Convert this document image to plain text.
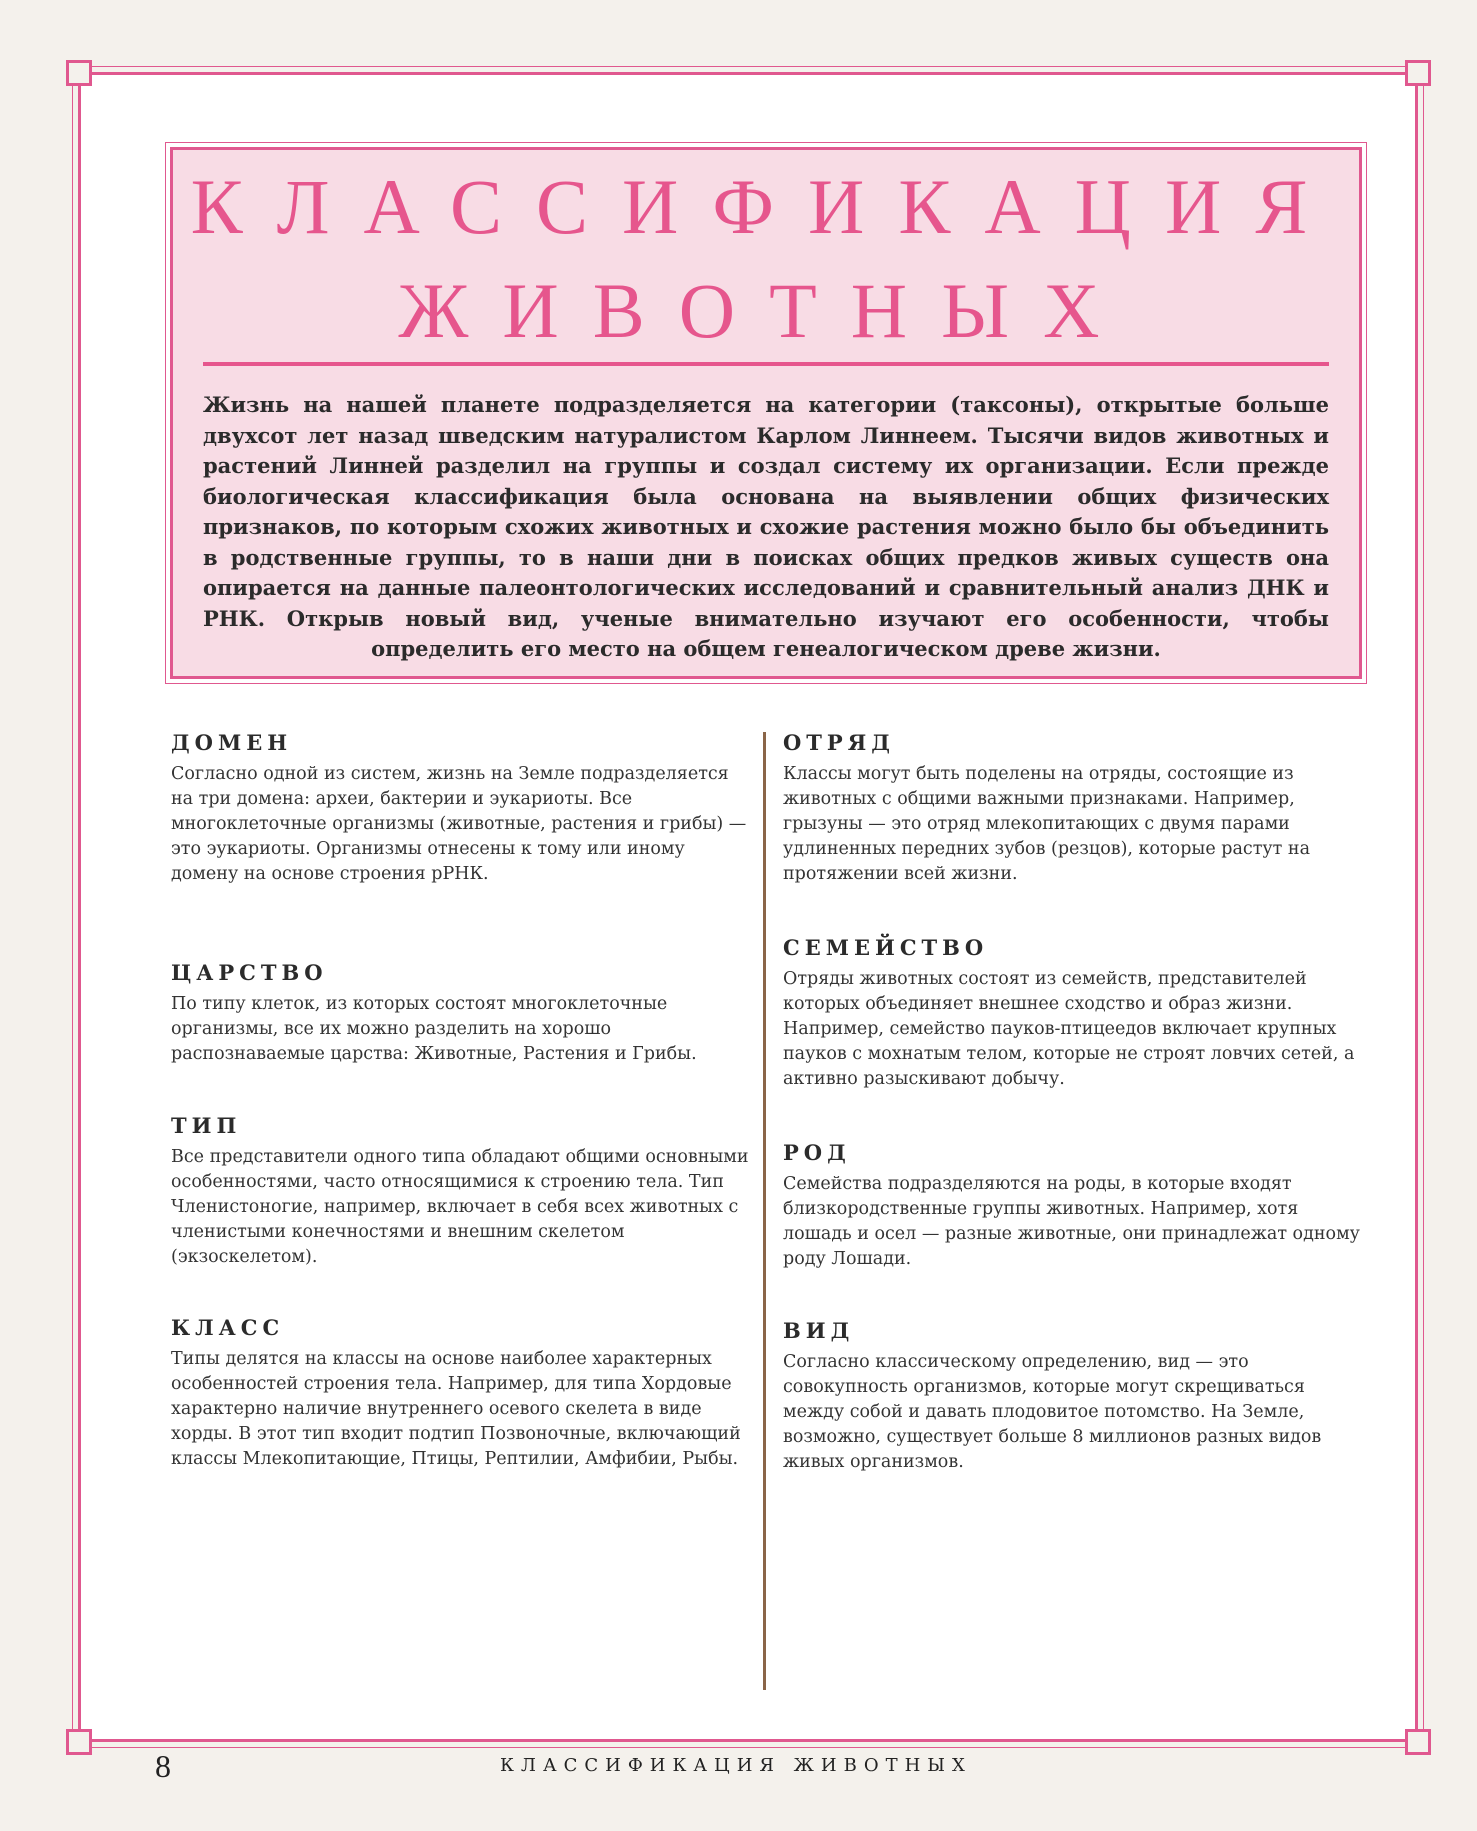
КЛАССИФИКАЦИЯ
ЖИВОТНЫХ

Жизнь на нашей планете подразделяется на категории (таксоны), открытые больше двухсот лет назад шведским натуралистом Карлом Линнеем. Тысячи видов животных и растений Линней разделил на группы и создал систему их организации. Если прежде биологическая классификация была основана на выявлении общих физических признаков, по которым схожих животных и схожие растения можно было бы объединить в родственные группы, то в наши дни в поисках общих предков живых существ она опирается на данные палеонтологических исследований и сравнительный анализ ДНК и РНК. Открыв новый вид, ученые внимательно изучают его особенности, чтобы определить его место на общем генеалогическом древе жизни.

ДОМЕН

Согласно одной из систем, жизнь на Земле подразделяется на три домена: археи, бактерии и эукариоты. Все многоклеточные организмы (животные, растения и грибы) — это эукариоты. Организмы отнесены к тому или иному домену на основе строения рРНК.

ЦАРСТВО

По типу клеток, из которых состоят многоклеточные организмы, все их можно разделить на хорошо распознаваемые царства: Животные, Растения и Грибы.

ТИП

Все представители одного типа обладают общими основными особенностями, часто относящимися к строению тела. Тип Членистоногие, например, включает в себя всех животных с членистыми конечностями и внешним скелетом (экзоскелетом).

КЛАСС

Типы делятся на классы на основе наиболее характерных особенностей строения тела. Например, для типа Хордовые характерно наличие внутреннего осевого скелета в виде хорды. В этот тип входит подтип Позвоночные, включающий классы Млекопитающие, Птицы, Рептилии, Амфибии, Рыбы.

ОТРЯД

Классы могут быть поделены на отряды, состоящие из животных с общими важными признаками. Например, грызуны — это отряд млекопитающих с двумя парами удлиненных передних зубов (резцов), которые растут на протяжении всей жизни.

СЕМЕЙСТВО

Отряды животных состоят из семейств, представителей которых объединяет внешнее сходство и образ жизни. Например, семейство пауков-птицеедов включает крупных пауков с мохнатым телом, которые не строят ловчих сетей, а активно разыскивают добычу.

РОД

Семейства подразделяются на роды, в которые входят близкородственные группы животных. Например, хотя лошадь и осел — разные животные, они принадлежат одному роду Лошади.

ВИД

Согласно классическому определению, вид — это совокупность организмов, которые могут скрещиваться между собой и давать плодовитое потомство. На Земле, возможно, существует больше 8 миллионов разных видов живых организмов.

8	КЛАССИФИКАЦИЯ ЖИВОТНЫХ
